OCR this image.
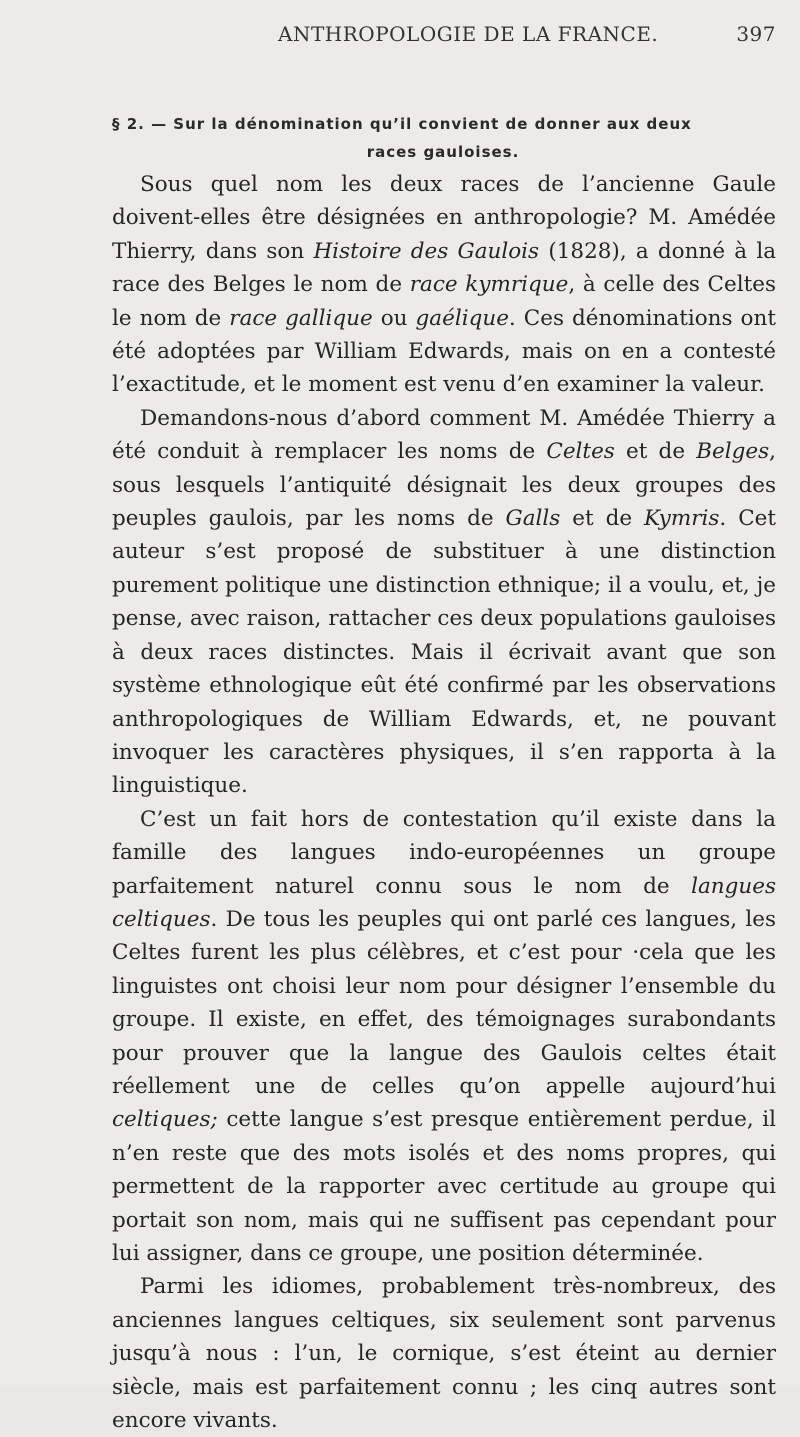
ANTHROPOLOGIE DE LA FRANCE.	397
§ 2. — Sur la dénomination qu’il convient de donner aux deux
races gauloises.

Sous quel nom les deux races de l’ancienne Gaule doivent-elles être désignées en anthropologie? M. Amédée Thierry, dans son Histoire des Gaulois (1828), a donné à la race des Belges le nom de race kymrique, à celle des Celtes le nom de race gallique ou gaélique. Ces dénominations ont été adoptées par William Edwards, mais on en a contesté l’exactitude, et le moment est venu d’en examiner la valeur.

Demandons-nous d’abord comment M. Amédée Thierry a été conduit à remplacer les noms de Celtes et de Belges, sous lesquels l’antiquité désignait les deux groupes des peuples gaulois, par les noms de Galls et de Kymris. Cet auteur s’est proposé de substituer à une distinction purement politique une distinction ethnique; il a voulu, et, je pense, avec raison, rattacher ces deux populations gauloises à deux races distinctes. Mais il écrivait avant que son système ethnologique eût été confirmé par les observations anthropologiques de William Edwards, et, ne pouvant invoquer les caractères physiques, il s’en rapporta à la linguistique.

C’est un fait hors de contestation qu’il existe dans la famille des langues indo-européennes un groupe parfaitement naturel connu sous le nom de langues celtiques. De tous les peuples qui ont parlé ces langues, les Celtes furent les plus célèbres, et c’est pour ·cela que les linguistes ont choisi leur nom pour désigner l’ensemble du groupe. Il existe, en effet, des témoignages surabondants pour prouver que la langue des Gaulois celtes était réellement une de celles qu’on appelle aujourd’hui celtiques; cette langue s’est presque entièrement perdue, il n’en reste que des mots isolés et des noms propres, qui permettent de la rapporter avec certitude au groupe qui portait son nom, mais qui ne suffisent pas cependant pour lui assigner, dans ce groupe, une position déterminée.

Parmi les idiomes, probablement très-nombreux, des anciennes langues celtiques, six seulement sont parvenus jusqu’à nous : l’un, le cornique, s’est éteint au dernier siècle, mais est parfaitement connu ; les cinq autres sont encore vivants.
